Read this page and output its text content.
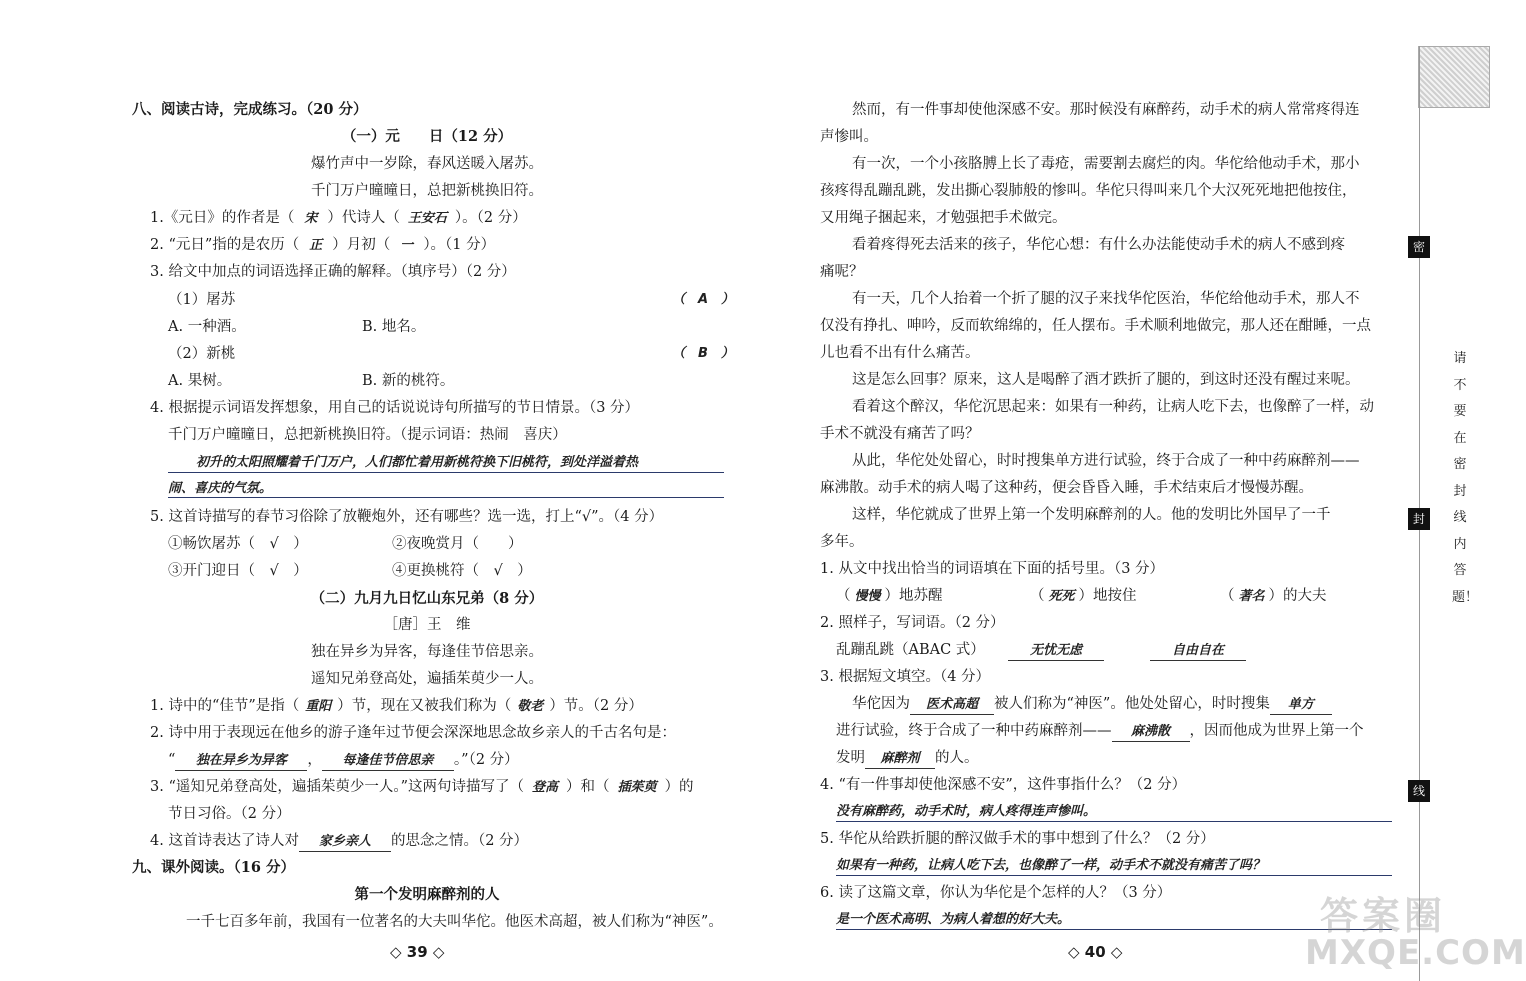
八、阅读古诗，完成练习。（20 分）
（一）元　　日（12 分）
爆竹声中一岁除，春风送暖入屠苏。
千门万户曈曈日，总把新桃换旧符。
1.《元日》的作者是（ 宋 ）代诗人（ 王安石 ）。（2 分）
2. “元日”指的是农历（ 正 ）月初（ 一 ）。（1 分）
3. 给文中加点的词语选择正确的解释。（填序号）（2 分）
（1）屠苏	（　A　）
A. 一种酒。	B. 地名。
（2）新桃	（　B　）
A. 果树。	B. 新的桃符。
4. 根据提示词语发挥想象，用自己的话说说诗句所描写的节日情景。（3 分）
千门万户曈曈日，总把新桃换旧符。（提示词语：热闹　喜庆）
初升的太阳照耀着千门万户，人们都忙着用新桃符换下旧桃符，到处洋溢着热
闹、喜庆的气氛。
5. 这首诗描写的春节习俗除了放鞭炮外，还有哪些？选一选，打上“√”。（4 分）
①畅饮屠苏（　√　）	②夜晚赏月（　　）
③开门迎日（　√　）	④更换桃符（　√　）
（二）九月九日忆山东兄弟（8 分）
［唐］王　维
独在异乡为异客，每逢佳节倍思亲。
遥知兄弟登高处，遍插茱萸少一人。
1. 诗中的“佳节”是指（ 重阳 ）节，现在又被我们称为（ 敬老 ）节。（2 分）
2. 诗中用于表现远在他乡的游子逢年过节便会深深地思念故乡亲人的千古名句是：
“ 独在异乡为异客 ， 每逢佳节倍思亲 。”（2 分）
3. “遥知兄弟登高处，遍插茱萸少一人。”这两句诗描写了（ 登高 ）和（ 插茱萸 ）的
节日习俗。（2 分）
4. 这首诗表达了诗人对 家乡亲人 的思念之情。（2 分）
九、课外阅读。（16 分）
第一个发明麻醉剂的人
一千七百多年前，我国有一位著名的大夫叫华佗。他医术高超，被人们称为“神医”。
◇ 39 ◇
然而，有一件事却使他深感不安。那时候没有麻醉药，动手术的病人常常疼得连
声惨叫。
有一次，一个小孩胳膊上长了毒疮，需要割去腐烂的肉。华佗给他动手术，那小
孩疼得乱蹦乱跳，发出撕心裂肺般的惨叫。华佗只得叫来几个大汉死死地把他按住，
又用绳子捆起来，才勉强把手术做完。
看着疼得死去活来的孩子，华佗心想：有什么办法能使动手术的病人不感到疼
痛呢？
有一天，几个人抬着一个折了腿的汉子来找华佗医治，华佗给他动手术，那人不
仅没有挣扎、呻吟，反而软绵绵的，任人摆布。手术顺利地做完，那人还在酣睡，一点
儿也看不出有什么痛苦。
这是怎么回事？原来，这人是喝醉了酒才跌折了腿的，到这时还没有醒过来呢。
看着这个醉汉，华佗沉思起来：如果有一种药，让病人吃下去，也像醉了一样，动
手术不就没有痛苦了吗？
从此，华佗处处留心，时时搜集单方进行试验，终于合成了一种中药麻醉剂——
麻沸散。动手术的病人喝了这种药，便会昏昏入睡，手术结束后才慢慢苏醒。
这样，华佗就成了世界上第一个发明麻醉剂的人。他的发明比外国早了一千
多年。
1. 从文中找出恰当的词语填在下面的括号里。（3 分）
（ 慢慢 ）地苏醒	（ 死死 ）地按住	（ 著名 ）的大夫
2. 照样子，写词语。（2 分）
乱蹦乱跳（ABAC 式）	无忧无虑	自由自在
3. 根据短文填空。（4 分）
华佗因为 医术高超 被人们称为“神医”。他处处留心，时时搜集 单方
进行试验，终于合成了一种中药麻醉剂—— 麻沸散 ，因而他成为世界上第一个
发明 麻醉剂 的人。
4. “有一件事却使他深感不安”，这件事指什么？（2 分）
没有麻醉药，动手术时，病人疼得连声惨叫。
5. 华佗从给跌折腿的醉汉做手术的事中想到了什么？（2 分）
如果有一种药，让病人吃下去，也像醉了一样，动手术不就没有痛苦了吗？
6. 读了这篇文章，你认为华佗是个怎样的人？（3 分）
是一个医术高明、为病人着想的好大夫。
◇ 40 ◇
密
封
线
请不要在密封线内答题！
答案圈
MXQE.COM
